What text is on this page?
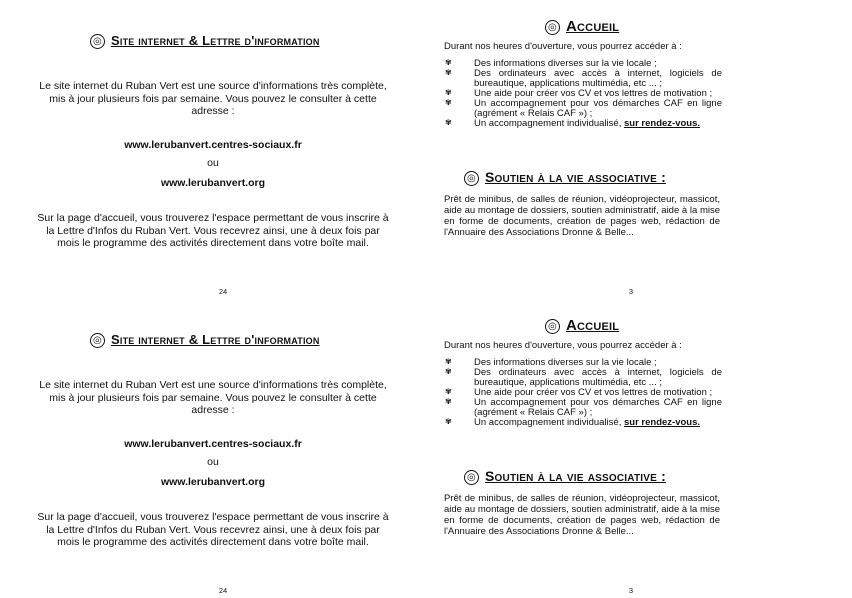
◎ Site internet & Lettre d'information
Le site internet du Ruban Vert est une source d'informations très complète, mis à jour plusieurs fois par semaine. Vous pouvez le consulter à cette adresse :
www.lerubanvert.centres-sociaux.fr
ou
www.lerubanvert.org
Sur la page d'accueil, vous trouverez l'espace permettant de vous inscrire à la Lettre d'Infos du Ruban Vert. Vous recevrez ainsi, une à deux fois par mois le programme des activités directement dans votre boîte mail.
24
◎ Accueil
Durant nos heures d'ouverture, vous pourrez accéder à :
✾ Des informations diverses sur la vie locale ;
✾ Des ordinateurs avec accès à internet, logiciels de bureautique, applications multimédia, etc ... ;
✾ Une aide pour créer vos CV et vos lettres de motivation ;
✾ Un accompagnement pour vos démarches CAF en ligne (agrément « Relais CAF ») ;
✾ Un accompagnement individualisé, sur rendez-vous.
◎ Soutien à la vie associative :
Prêt de minibus, de salles de réunion, vidéoprojecteur, massicot, aide au montage de dossiers, soutien administratif, aide à la mise en forme de documents, création de pages web, rédaction de l'Annuaire des Associations Dronne & Belle...
3
◎ Site internet & Lettre d'information
Le site internet du Ruban Vert est une source d'informations très complète, mis à jour plusieurs fois par semaine. Vous pouvez le consulter à cette adresse :
www.lerubanvert.centres-sociaux.fr
ou
www.lerubanvert.org
Sur la page d'accueil, vous trouverez l'espace permettant de vous inscrire à la Lettre d'Infos du Ruban Vert. Vous recevrez ainsi, une à deux fois par mois le programme des activités directement dans votre boîte mail.
24
◎ Accueil
Durant nos heures d'ouverture, vous pourrez accéder à :
✾ Des informations diverses sur la vie locale ;
✾ Des ordinateurs avec accès à internet, logiciels de bureautique, applications multimédia, etc ... ;
✾ Une aide pour créer vos CV et vos lettres de motivation ;
✾ Un accompagnement pour vos démarches CAF en ligne (agrément « Relais CAF ») ;
✾ Un accompagnement individualisé, sur rendez-vous.
◎ Soutien à la vie associative :
Prêt de minibus, de salles de réunion, vidéoprojecteur, massicot, aide au montage de dossiers, soutien administratif, aide à la mise en forme de documents, création de pages web, rédaction de l'Annuaire des Associations Dronne & Belle...
3
